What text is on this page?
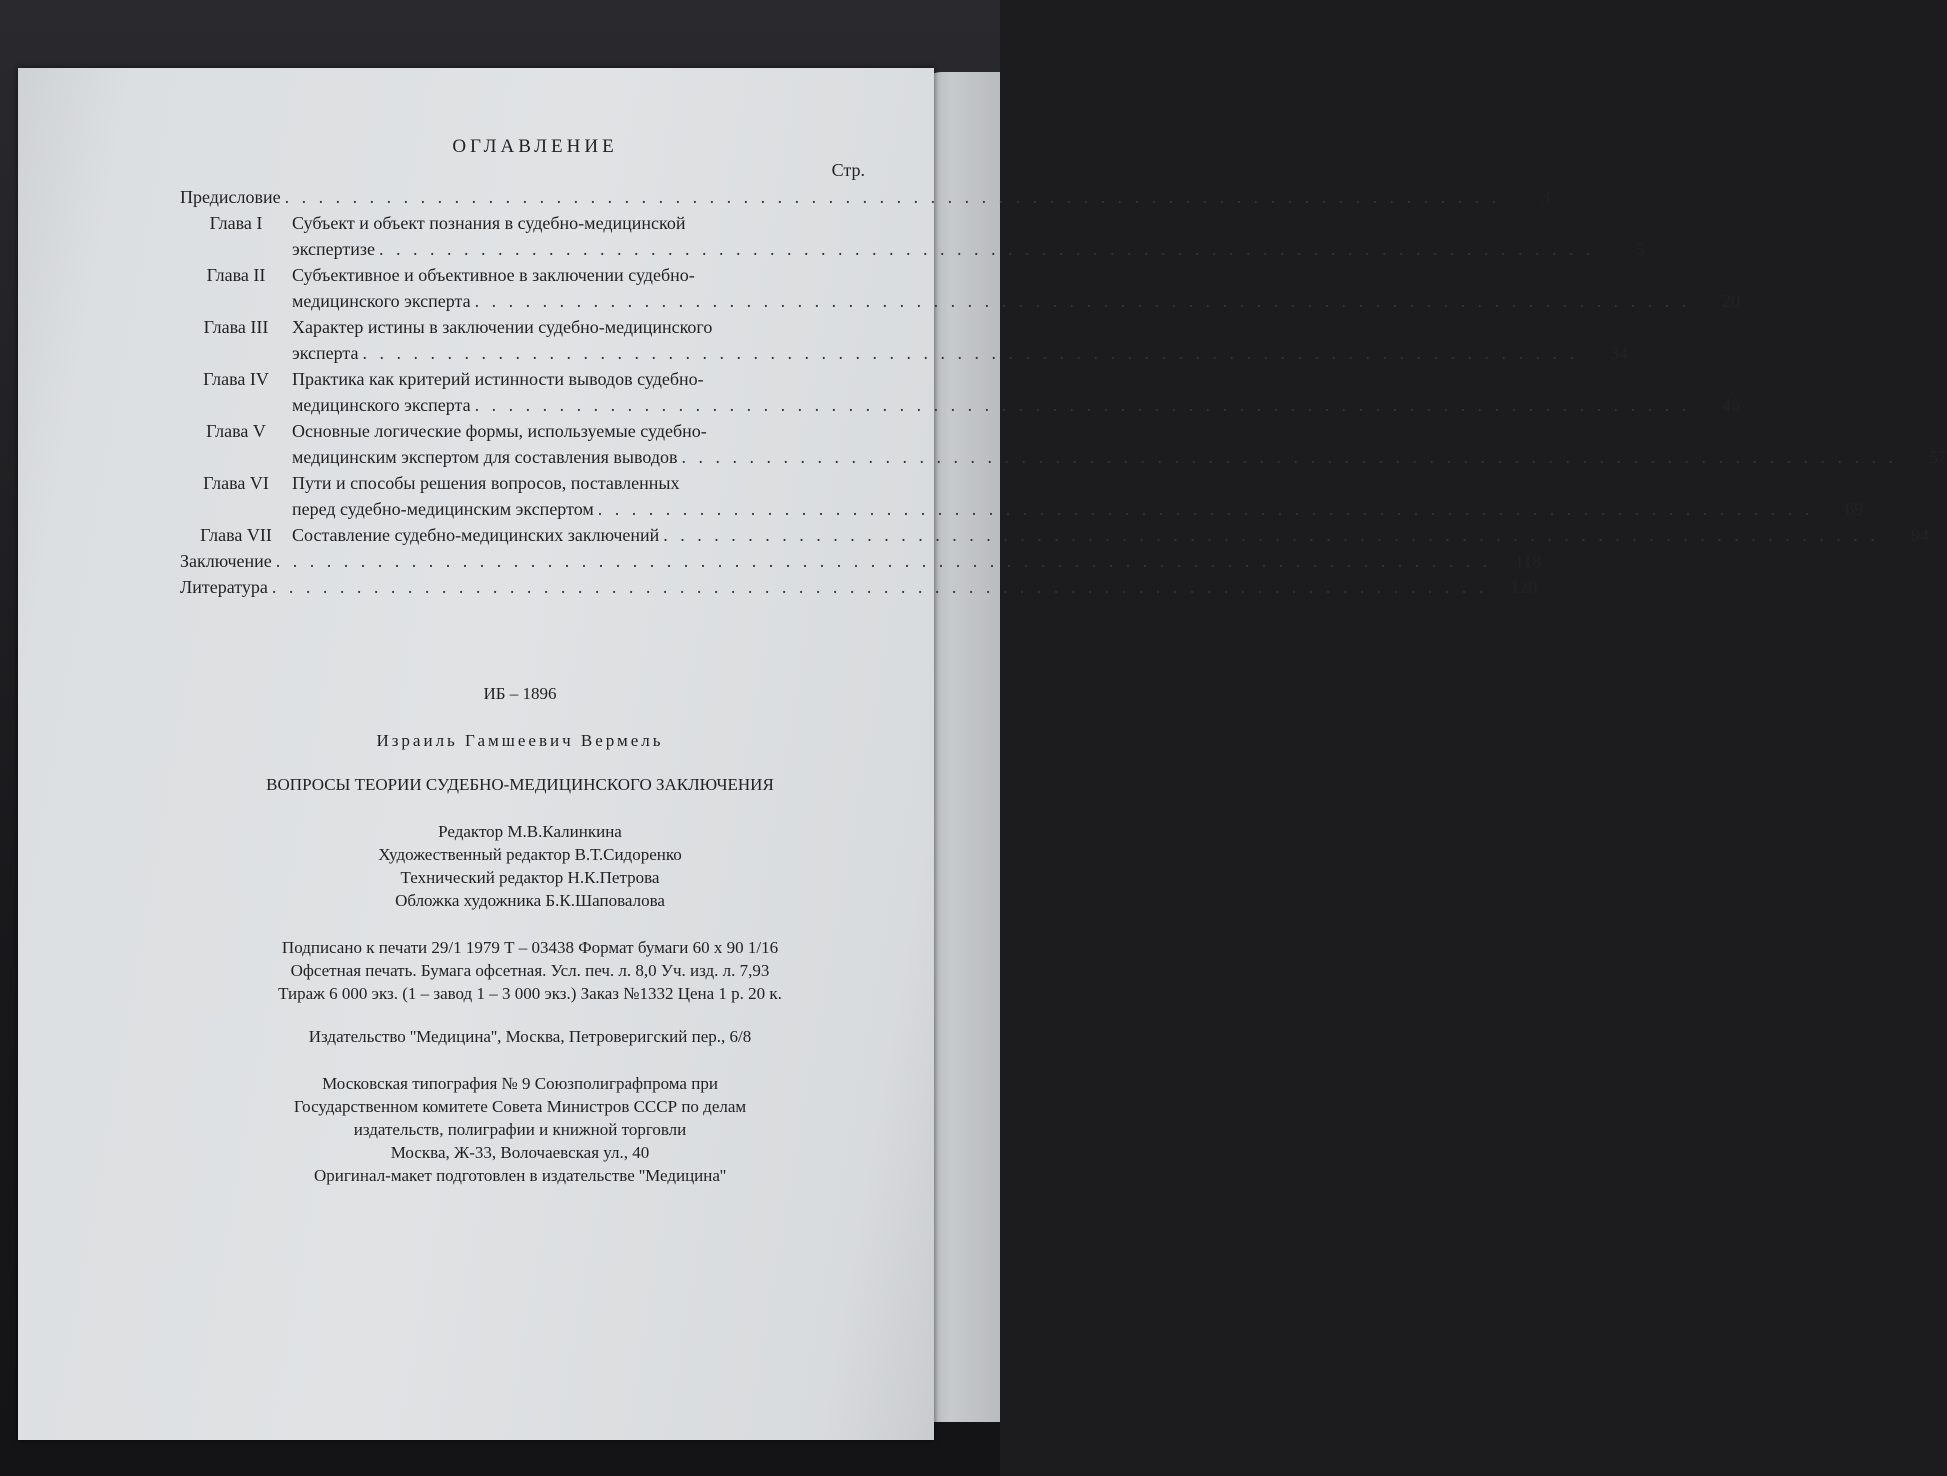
ОГЛАВЛЕНИЕ
Стр.
Предисловие . . .	3
Глава I	Субъект и объект познания в судебно-медицинской
экспертизе . . .	5
Глава II	Субъективное и объективное в заключении судебно-
медицинского эксперта . . .	20
Глава III	Характер истины в заключении судебно-медицинского
эксперта . . .	34
Глава IV	Практика как критерий истинности выводов судебно-
медицинского эксперта . . .	46
Глава V	Основные логические формы, используемые судебно-
медицинским экспертом для составления выводов . . .	57
Глава VI	Пути и способы решения вопросов, поставленных
перед судебно-медицинским экспертом . . .	69
Глава VII	Составление судебно-медицинских заключений . . .	94
Заключение . . .	118
Литература . . .	120
ИБ – 1896
Израиль Гамшеевич Вермель
ВОПРОСЫ ТЕОРИИ СУДЕБНО-МЕДИЦИНСКОГО ЗАКЛЮЧЕНИЯ
Редактор М.В.Калинкина
Художественный редактор В.Т.Сидоренко
Технический редактор Н.К.Петрова
Обложка художника Б.К.Шаповалова
Подписано к печати 29/1 1979 Т – 03438 Формат бумаги 60 х 90 1/16
Офсетная печать. Бумага офсетная. Усл. печ. л. 8,0 Уч. изд. л. 7,93
Тираж 6 000 экз. (1 – завод 1 – 3 000 экз.) Заказ №1332 Цена 1 р. 20 к.
Издательство ''Медицина'', Москва, Петроверигский пер., 6/8
Московская типография № 9 Союзполиграфпрома при
Государственном комитете Совета Министров СССР по делам
издательств, полиграфии и книжной торговли
Москва, Ж-33, Волочаевская ул., 40
Оригинал-макет подготовлен в издательстве ''Медицина''
